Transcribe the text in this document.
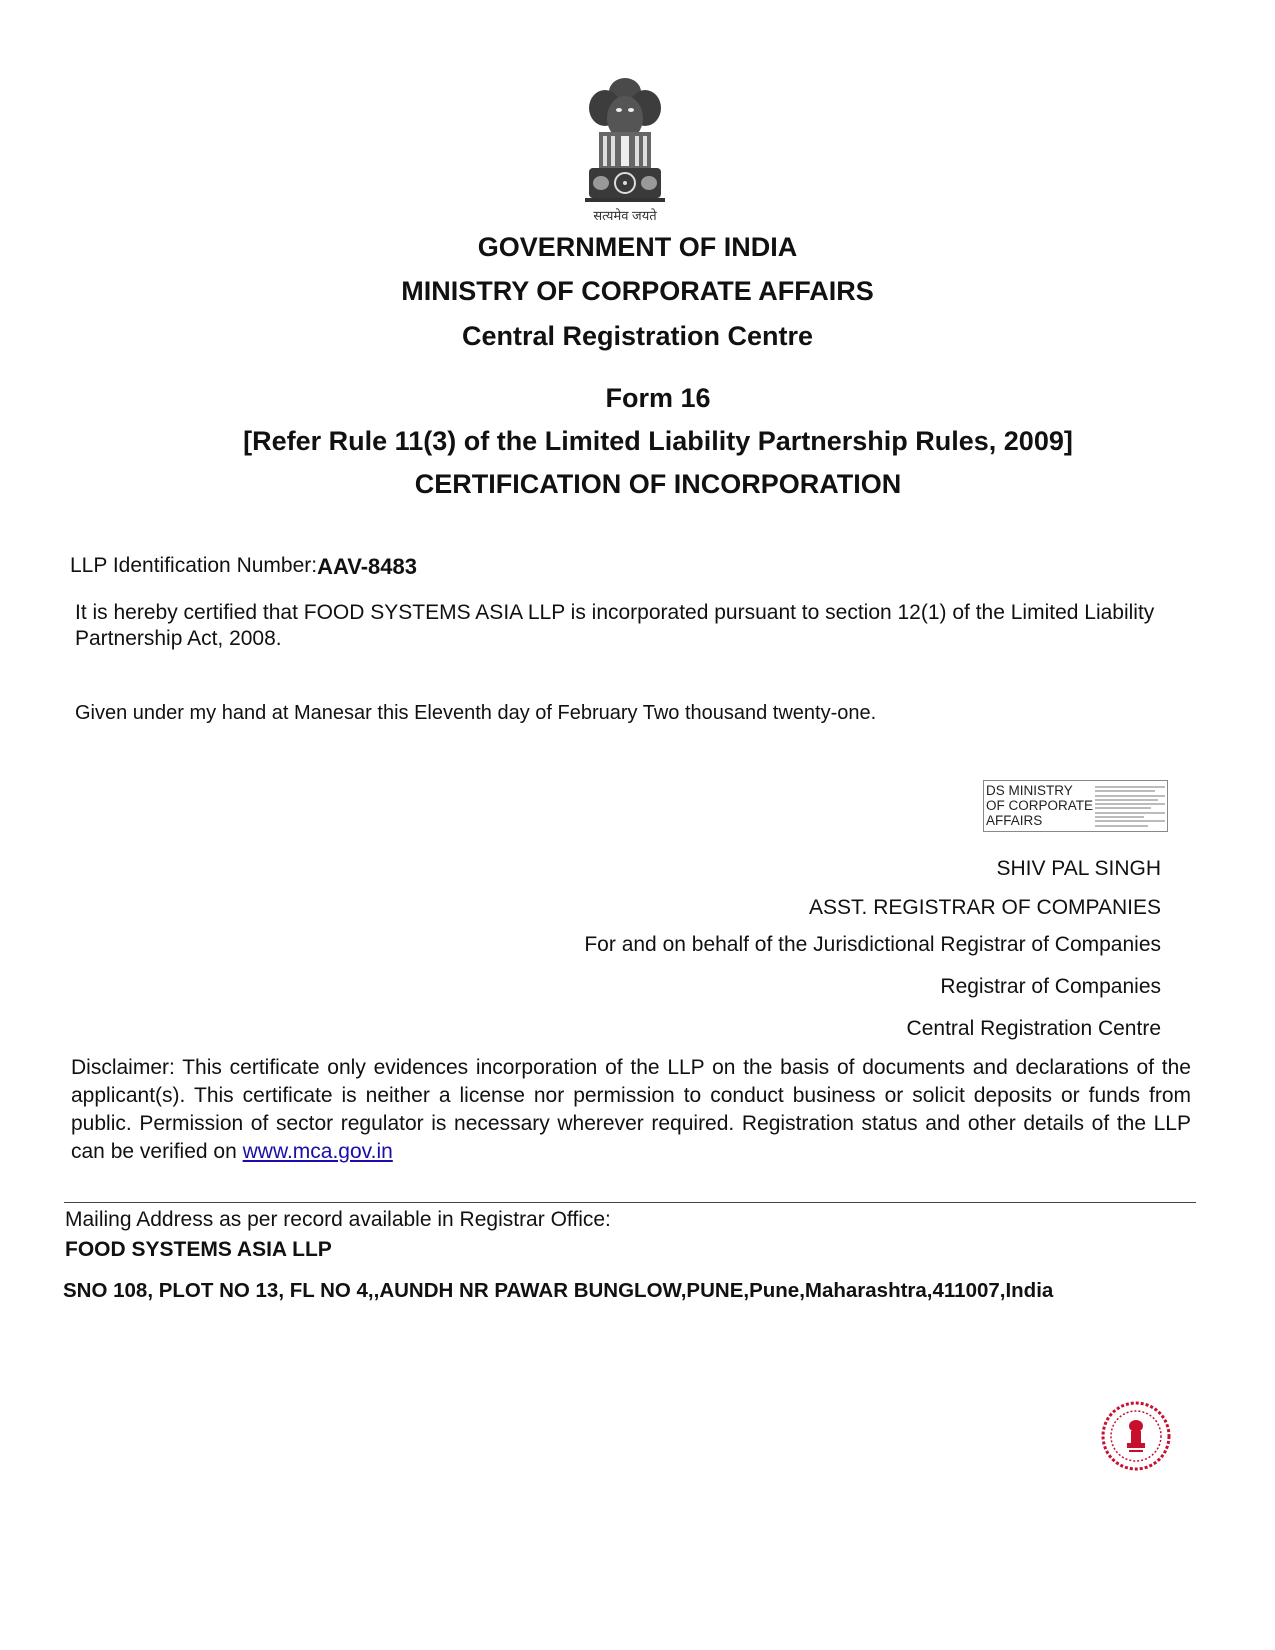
सत्यमेव जयते
GOVERNMENT OF INDIA
MINISTRY OF CORPORATE AFFAIRS
Central Registration Centre
Form 16
[Refer Rule 11(3) of the Limited Liability Partnership Rules, 2009]
CERTIFICATION OF INCORPORATION
LLP Identification Number:AAV-8483
It is hereby certified that FOOD SYSTEMS ASIA LLP is incorporated pursuant to section 12(1) of the Limited Liability Partnership Act, 2008.
Given under my hand at Manesar this Eleventh day of February Two thousand twenty-one.
DS MINISTRY
OF CORPORATE
AFFAIRS
SHIV PAL SINGH
ASST. REGISTRAR OF COMPANIES
For and on behalf of the Jurisdictional Registrar of Companies
Registrar of Companies
Central Registration Centre
Disclaimer: This certificate only evidences incorporation of the LLP on the basis of documents and declarations of the applicant(s). This certificate is neither a license nor permission to conduct business or solicit deposits or funds from public. Permission of sector regulator is necessary wherever required. Registration status and other details of the LLP can be verified on www.mca.gov.in
Mailing Address as per record available in Registrar Office:
FOOD SYSTEMS ASIA LLP
SNO 108, PLOT NO 13, FL NO 4,,AUNDH NR PAWAR BUNGLOW,PUNE,Pune,Maharashtra,411007,India
